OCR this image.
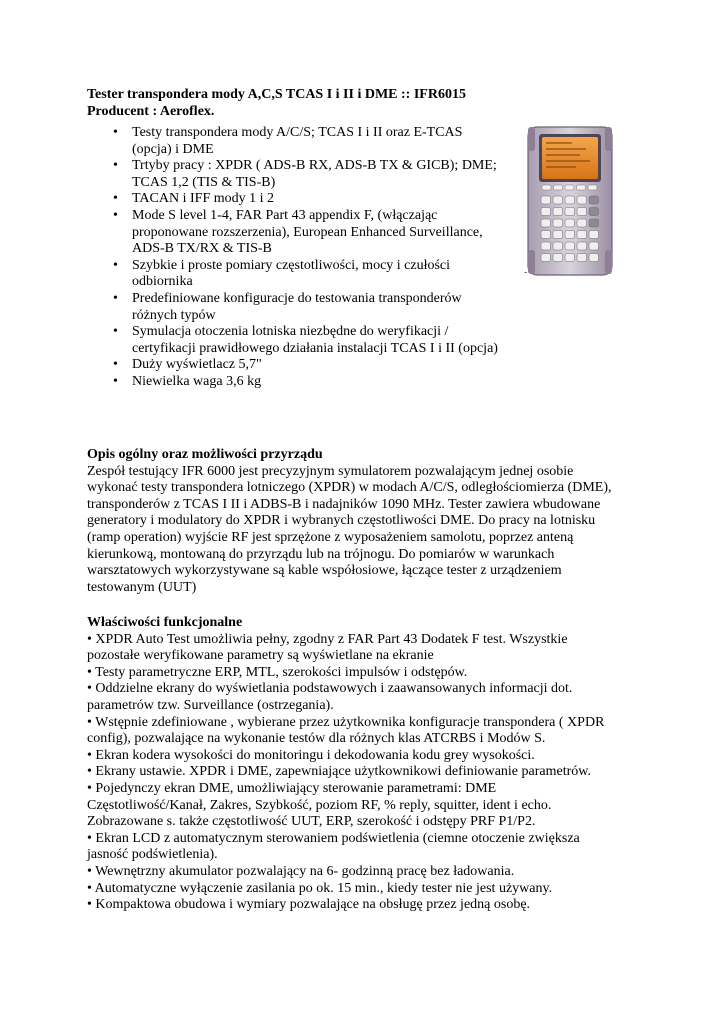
Tester transpondera mody A,C,S TCAS I i II i DME :: IFR6015
Producent : Aeroflex.
• Testy transpondera mody A/C/S; TCAS I i II oraz E-TCAS
(opcja) i DME
• Trtyby pracy : XPDR ( ADS-B RX, ADS-B TX & GICB); DME;
TCAS 1,2 (TIS & TIS-B)
• TACAN i IFF mody 1 i 2
• Mode S level 1-4, FAR Part 43 appendix F, (włączając
proponowane rozszerzenia), European Enhanced Surveillance,
ADS-B TX/RX & TIS-B
• Szybkie i proste pomiary częstotliwości, mocy i czułości
odbiornika
• Predefiniowane konfiguracje do testowania transponderów
różnych typów
• Symulacja otoczenia lotniska niezbędne do weryfikacji /
certyfikacji prawidłowego działania instalacji TCAS I i II (opcja)
• Duży wyświetlacz 5,7"
• Niewielka waga 3,6 kg
-
Opis ogólny oraz możliwości przyrządu
Zespół testujący IFR 6000 jest precyzyjnym symulatorem pozwalającym jednej osobie
wykonać testy transpondera lotniczego (XPDR) w modach A/C/S, odległościomierza (DME),
transponderów z TCAS I II i ADBS-B i nadajników 1090 MHz. Tester zawiera wbudowane
generatory i modulatory do XPDR i wybranych częstotliwości DME. Do pracy na lotnisku
(ramp operation) wyjście RF jest sprzężone z wyposażeniem samolotu, poprzez anteną
kierunkową, montowaną do przyrządu lub na trójnogu. Do pomiarów w warunkach
warsztatowych wykorzystywane są kable współosiowe, łączące tester z urządzeniem
testowanym (UUT)
Właściwości funkcjonalne
• XPDR Auto Test umożliwia pełny, zgodny z FAR Part 43 Dodatek F test. Wszystkie
pozostałe weryfikowane parametry są wyświetlane na ekranie
• Testy parametryczne ERP, MTL, szerokości impulsów i odstępów.
• Oddzielne ekrany do wyświetlania podstawowych i zaawansowanych informacji dot.
parametrów tzw. Surveillance (ostrzegania).
• Wstępnie zdefiniowane , wybierane przez użytkownika konfiguracje transpondera ( XPDR
config), pozwalające na wykonanie testów dla różnych klas ATCRBS i Modów S.
• Ekran kodera wysokości do monitoringu i dekodowania kodu grey wysokości.
• Ekrany ustawie. XPDR i DME, zapewniające użytkownikowi definiowanie parametrów.
• Pojedynczy ekran DME, umożliwiający sterowanie parametrami: DME
Częstotliwość/Kanał, Zakres, Szybkość, poziom RF, % reply, squitter, ident i echo.
Zobrazowane s. także częstotliwość UUT, ERP, szerokość i odstępy PRF P1/P2.
• Ekran LCD z automatycznym sterowaniem podświetlenia (ciemne otoczenie zwiększa
jasność podświetlenia).
• Wewnętrzny akumulator pozwalający na 6- godzinną pracę bez ładowania.
• Automatyczne wyłączenie zasilania po ok. 15 min., kiedy tester nie jest używany.
• Kompaktowa obudowa i wymiary pozwalające na obsługę przez jedną osobę.
